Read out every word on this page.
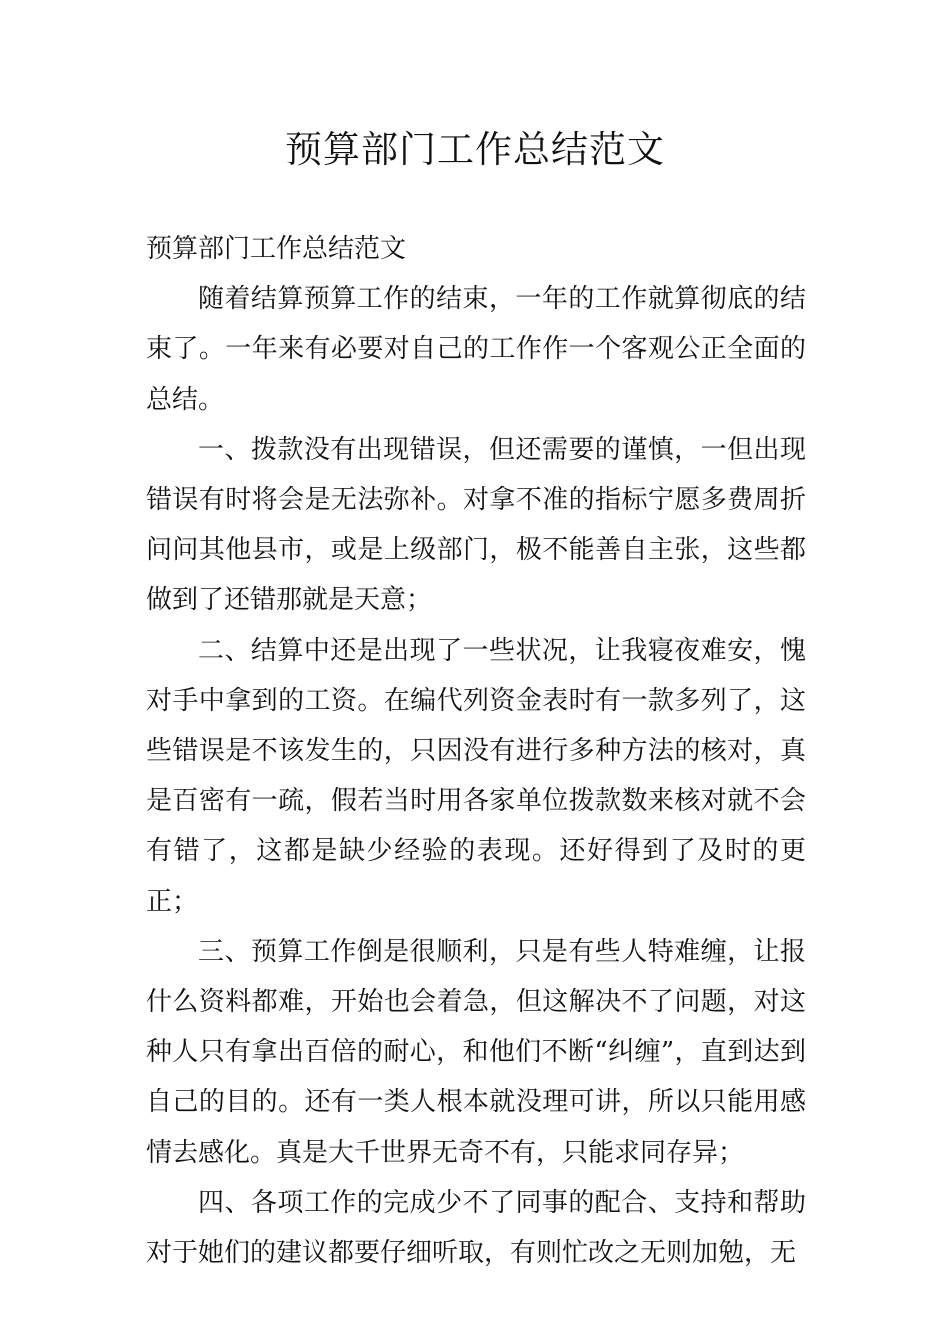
预算部门工作总结范文

预算部门工作总结范文

随着结算预算工作的结束，一年的工作就算彻底的结束了。一年来有必要对自己的工作作一个客观公正全面的总结。

一、拨款没有出现错误，但还需要的谨慎，一但出现错误有时将会是无法弥补。对拿不准的指标宁愿多费周折问问其他县市，或是上级部门，极不能善自主张，这些都做到了还错那就是天意；

二、结算中还是出现了一些状况，让我寝夜难安，愧对手中拿到的工资。在编代列资金表时有一款多列了，这些错误是不该发生的，只因没有进行多种方法的核对，真是百密有一疏，假若当时用各家单位拨款数来核对就不会有错了，这都是缺少经验的表现。还好得到了及时的更正；

三、预算工作倒是很顺利，只是有些人特难缠，让报什么资料都难，开始也会着急，但这解决不了问题，对这种人只有拿出百倍的耐心，和他们不断“纠缠”，直到达到自己的目的。还有一类人根本就没理可讲，所以只能用感情去感化。真是大千世界无奇不有，只能求同存异；

四、各项工作的完成少不了同事的配合、支持和帮助对于她们的建议都要仔细听取，有则忙改之无则加勉，无
